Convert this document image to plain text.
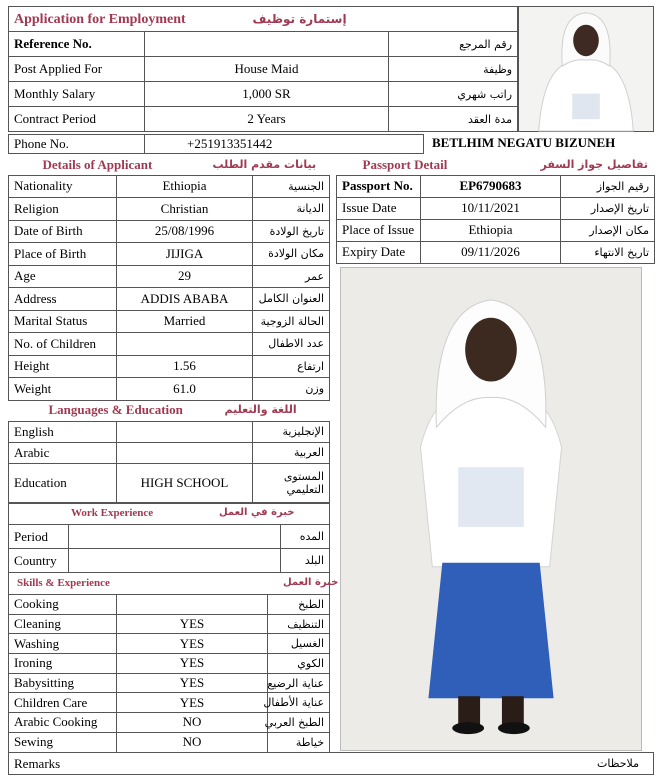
Application for Employment إستمارة توظيف		

Reference No.		رقم المرجع
Post Applied For	House Maid	وظيفة
Monthly Salary	1,000 SR	راتب شهري
Contract Period	2 Years	مدة العقد
Phone No.	+251913351442	BETLHIM NEGATU BIZUNEH
Details of Applicant بيانات مقدم الطلب		

Nationality	Ethiopia	الجنسية
Religion	Christian	الديانة
Date of Birth	25/08/1996	تاريخ الولادة
Place of Birth	JIJIGA	مكان الولادة
Age	29	عمر
Address	ADDIS ABABA	العنوان الكامل
Marital Status	Married	الحالة الزوجية
No. of Children		عدد الاطفال
Height	1.56	ارتفاع
Weight	61.0	وزن
Passport Detail تفاصيل جواز السفر		

Passport No.	EP6790683	رقيم الجواز
Issue Date	10/11/2021	تاريخ الإصدار
Place of Issue	Ethiopia	مكان الإصدار
Expiry Date	09/11/2026	تاريخ الانتهاء
Languages & Education اللغة والتعليم		

English		الإنجليزية
Arabic		العربية
Education	HIGH SCHOOL	المستوى التعليمي
Work Experience خبرة في العمل		

Period		المده
Country		البلد
Skills & Experience خبرة العمل		

Cooking		الطبخ
Cleaning	YES	التنظيف
Washing	YES	الغسيل
Ironing	YES	الكوي
Babysitting	YES	عناية الرضيع
Children Care	YES	عناية الأطفال
Arabic Cooking	NO	الطبخ العربي
Sewing	NO	خياطة
Remarks	ملاحظات
